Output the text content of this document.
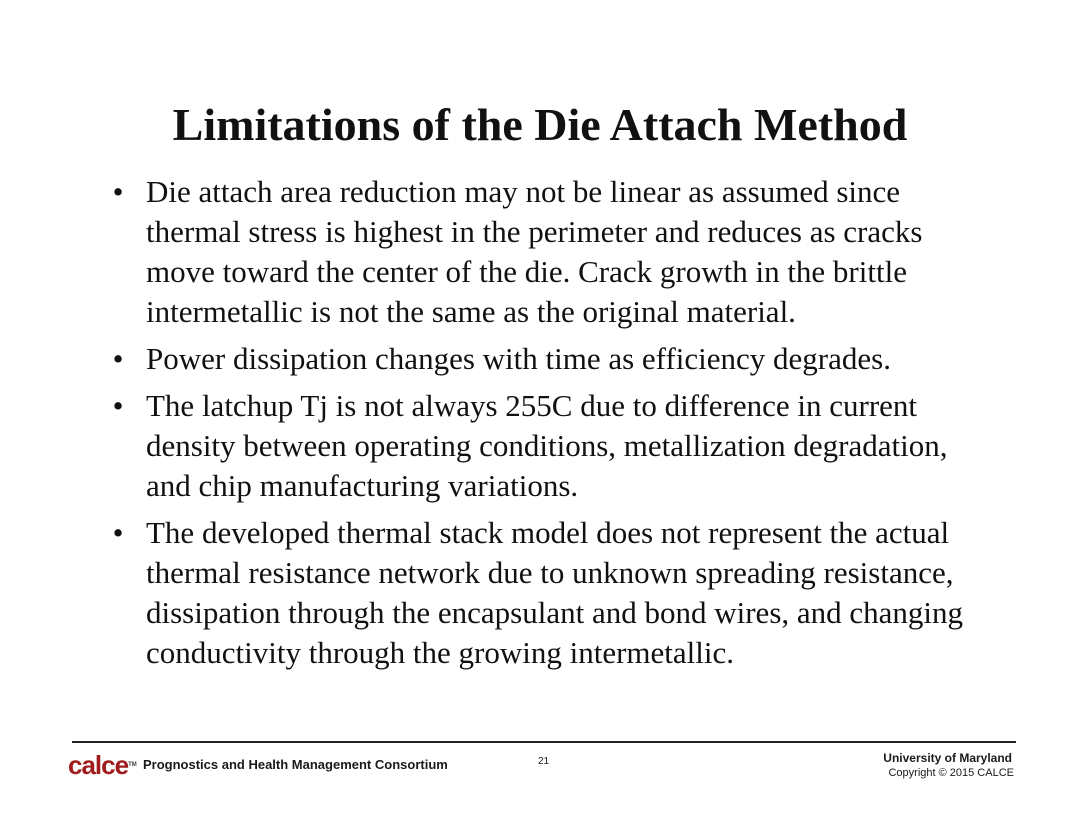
Limitations of the Die Attach Method
• Die attach area reduction may not be linear as assumed since thermal stress is highest in the perimeter and reduces as cracks move toward the center of the die. Crack growth in the brittle intermetallic is not the same as the original material.
• Power dissipation changes with time as efficiency degrades.
• The latchup Tj is not always 255C due to difference in current density between operating conditions, metallization degradation, and chip manufacturing variations.
• The developed thermal stack model does not represent the actual thermal resistance network due to unknown spreading resistance, dissipation through the encapsulant and bond wires, and changing conductivity through the growing intermetallic.
calce™ Prognostics and Health Management Consortium	21	University of Maryland
Copyright © 2015 CALCE
